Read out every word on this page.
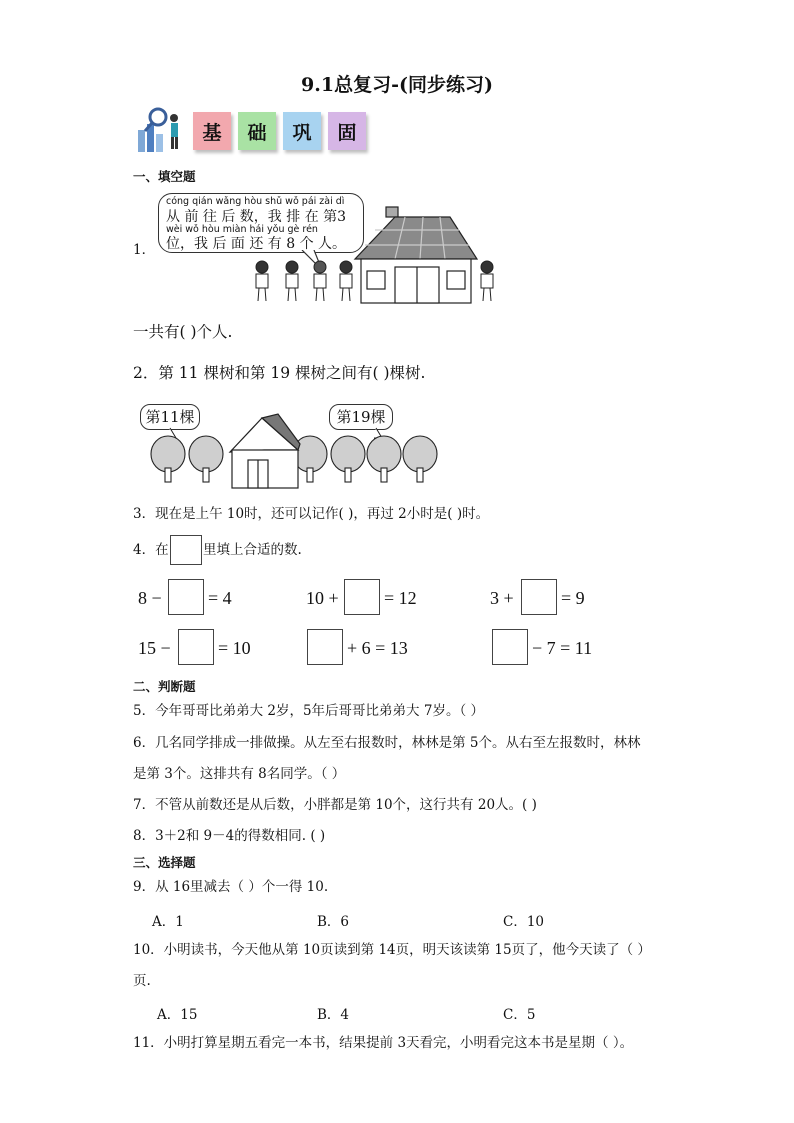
9.1总复习-(同步练习)
基	础	巩	固
一、填空题
1．
cóng qián wǎng hòu shǔ wǒ pái zài dì
从 前 往 后 数，我 排 在 第3
wèi wǒ hòu miàn hái yǒu gè rén
位，我 后 面 还 有 8 个 人。
一共有( )个人.
2．第 11 棵树和第 19 棵树之间有( )棵树.
第11棵	第19棵
3．现在是上午 10时，还可以记作( )，再过 2小时是( )时。
4．在	里填上合适的数.
8 −	= 4	10 +	= 12	3 +	= 9
15 −	= 10	+ 6 = 13	− 7 = 11
二、判断题
5．今年哥哥比弟弟大 2岁，5年后哥哥比弟弟大 7岁。（ ）
6．几名同学排成一排做操。从左至右报数时，林林是第 5个。从右至左报数时，林林
是第 3个。这排共有 8名同学。（ ）
7．不管从前数还是从后数，小胖都是第 10个，这行共有 20人。( )
8．3＋2和 9－4的得数相同. ( )
三、选择题
9．从 16里减去（ ）个一得 10.
A．1	B．6	C．10
10．小明读书，今天他从第 10页读到第 14页，明天该读第 15页了，他今天读了（ ）
页.
A．15	B．4	C．5
11．小明打算星期五看完一本书，结果提前 3天看完，小明看完这本书是星期（ ）。
